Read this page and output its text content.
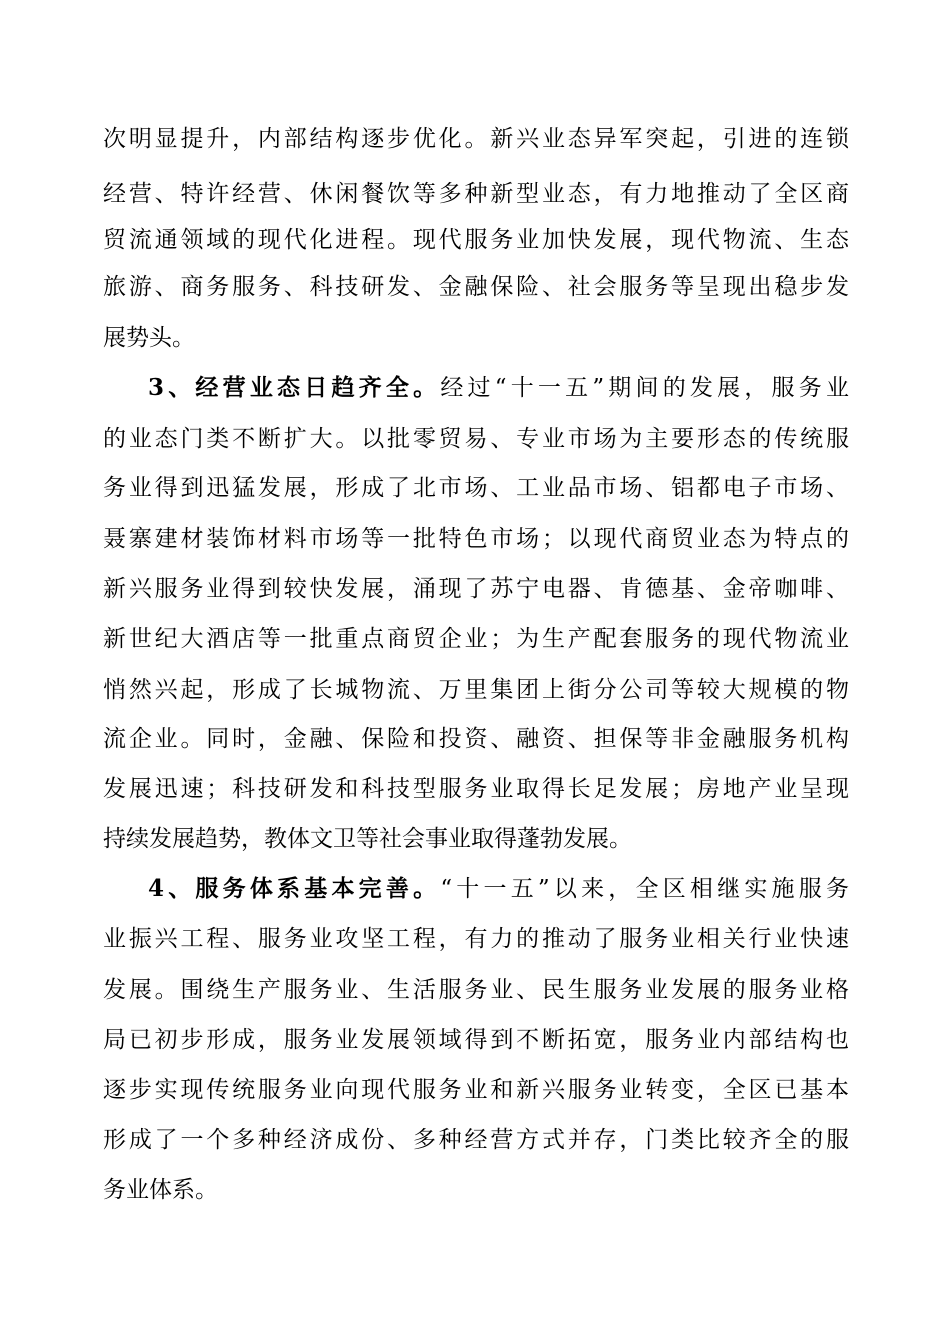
次明显提升，内部结构逐步优化。新兴业态异军突起，引进的连锁
经营、特许经营、休闲餐饮等多种新型业态，有力地推动了全区商
贸流通领域的现代化进程。现代服务业加快发展，现代物流、生态
旅游、商务服务、科技研发、金融保险、社会服务等呈现出稳步发
展势头。
3、经营业态日趋齐全。经过“十一五”期间的发展，服务业
的业态门类不断扩大。以批零贸易、专业市场为主要形态的传统服
务业得到迅猛发展，形成了北市场、工业品市场、铝都电子市场、
聂寨建材装饰材料市场等一批特色市场；以现代商贸业态为特点的
新兴服务业得到较快发展，涌现了苏宁电器、肯德基、金帝咖啡、
新世纪大酒店等一批重点商贸企业；为生产配套服务的现代物流业
悄然兴起，形成了长城物流、万里集团上街分公司等较大规模的物
流企业。同时，金融、保险和投资、融资、担保等非金融服务机构
发展迅速；科技研发和科技型服务业取得长足发展；房地产业呈现
持续发展趋势，教体文卫等社会事业取得蓬勃发展。
4、服务体系基本完善。“十一五”以来，全区相继实施服务
业振兴工程、服务业攻坚工程，有力的推动了服务业相关行业快速
发展。围绕生产服务业、生活服务业、民生服务业发展的服务业格
局已初步形成，服务业发展领域得到不断拓宽，服务业内部结构也
逐步实现传统服务业向现代服务业和新兴服务业转变，全区已基本
形成了一个多种经济成份、多种经营方式并存，门类比较齐全的服
务业体系。
